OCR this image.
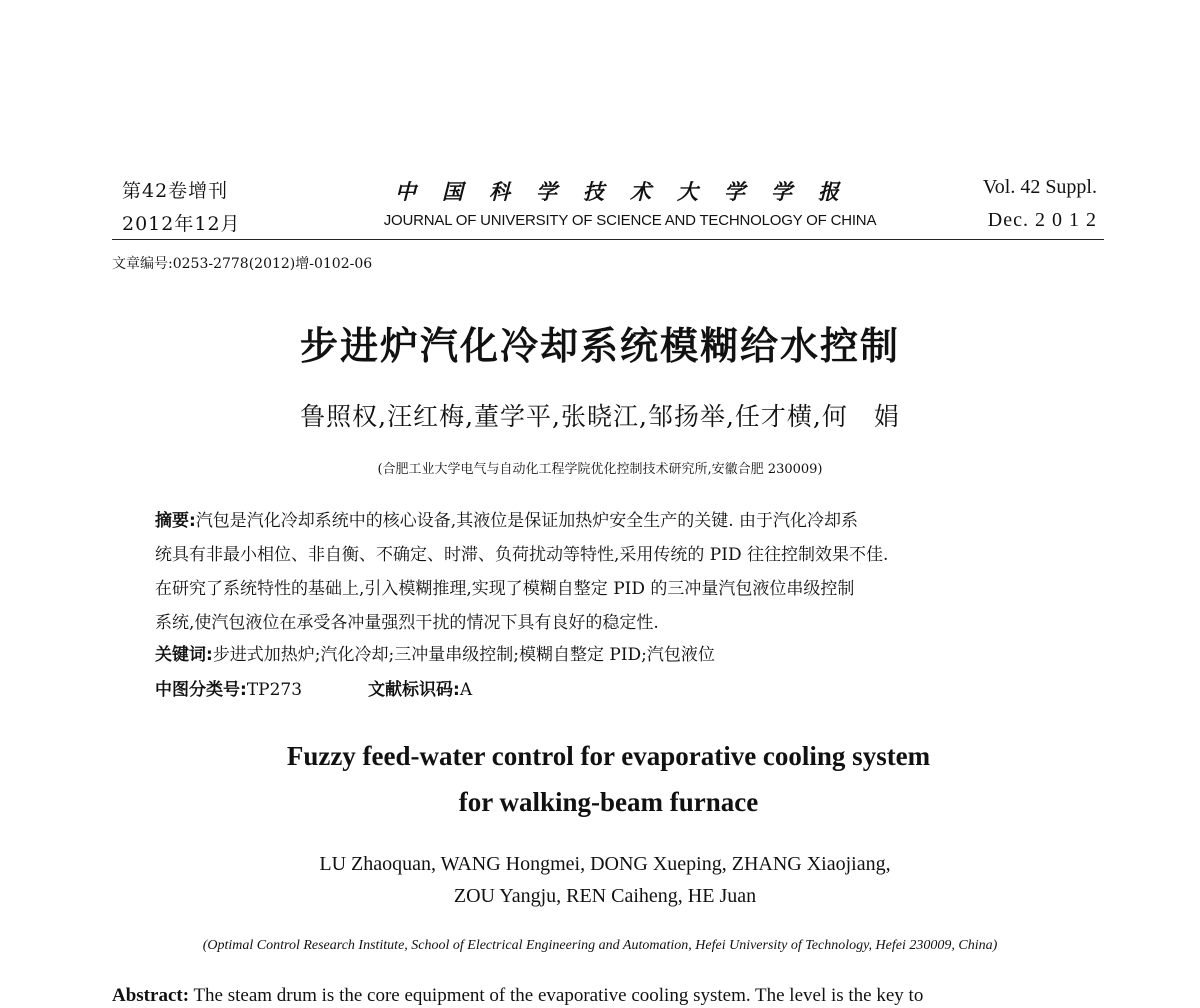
第42卷增刊
2012年12月
中国科学技术大学学报
JOURNAL OF UNIVERSITY OF SCIENCE AND TECHNOLOGY OF CHINA
Vol. 42 Suppl.
Dec. 2 0 1 2
文章编号:0253-2778(2012)增-0102-06
步进炉汽化冷却系统模糊给水控制
鲁照权,汪红梅,董学平,张晓江,邹扬举,任才横,何　娟
(合肥工业大学电气与自动化工程学院优化控制技术研究所,安徽合肥 230009)

摘要:汽包是汽化冷却系统中的核心设备,其液位是保证加热炉安全生产的关键. 由于汽化冷却系

统具有非最小相位、非自衡、不确定、时滞、负荷扰动等特性,采用传统的 PID 往往控制效果不佳.

在研究了系统特性的基础上,引入模糊推理,实现了模糊自整定 PID 的三冲量汽包液位串级控制

系统,使汽包液位在承受各冲量强烈干扰的情况下具有良好的稳定性.

关键词:步进式加热炉;汽化冷却;三冲量串级控制;模糊自整定 PID;汽包液位
中图分类号:TP273	文献标识码:A
Fuzzy feed-water control for evaporative cooling system
for walking-beam furnace
LU Zhaoquan, WANG Hongmei, DONG Xueping, ZHANG Xiaojiang,
ZOU Yangju, REN Caiheng, HE Juan
(Optimal Control Research Institute, School of Electrical Engineering and Automation, Hefei University of Technology, Hefei 230009, China)
Abstract: The steam drum is the core equipment of the evaporative cooling system. The level is the key to
